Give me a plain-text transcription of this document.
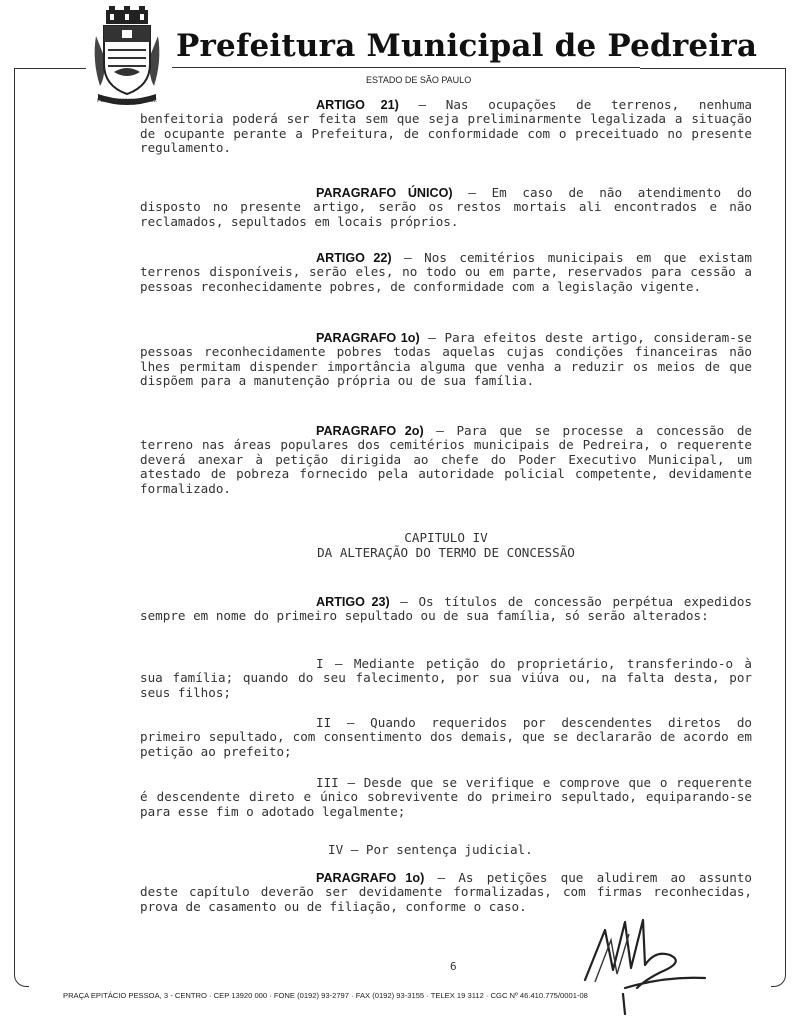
FLECTE NON FRANGE
Prefeitura Municipal de Pedreira
ESTADO DE SÃO PAULO

ARTIGO 21) – Nas ocupações de terrenos, nenhuma benfeitoria poderá ser feita sem que seja preliminarmente legalizada a situação de ocupante perante a Prefeitura, de conformidade com o preceituado no presente regulamento.

PARAGRAFO ÚNICO) – Em caso de não atendimento do disposto no presente artigo, serão os restos mortais ali encontrados e não reclamados, sepultados em locais próprios.

ARTIGO 22) – Nos cemitérios municipais em que existam terrenos disponíveis, serão eles, no todo ou em parte, reservados para cessão a pessoas reconhecidamente pobres, de conformidade com a legislação vigente.

PARAGRAFO 1o) – Para efeitos deste artigo, consideram-se pessoas reconhecidamente pobres todas aquelas cujas condições financeiras não lhes permitam dispender importância alguma que venha a reduzir os meios de que dispõem para a manutenção própria ou de sua família.

PARAGRAFO 2o) – Para que se processe a concessão de terreno nas áreas populares dos cemitérios municipais de Pedreira, o requerente deverá anexar à petição dirigida ao chefe do Poder Executivo Municipal, um atestado de pobreza fornecido pela autoridade policial competente, devidamente formalizado.

CAPITULO IV
DA ALTERAÇÃO DO TERMO DE CONCESSÃO

ARTIGO 23) – Os títulos de concessão perpétua expedidos sempre em nome do primeiro sepultado ou de sua família, só serão alterados:

I – Mediante petição do proprietário, transferindo-o à sua família; quando do seu falecimento, por sua viúva ou, na falta desta, por seus filhos;

II – Quando requeridos por descendentes diretos do primeiro sepultado, com consentimento dos demais, que se declararão de acordo em petição ao prefeito;

III – Desde que se verifique e comprove que o requerente é descendente direto e único sobrevivente do primeiro sepultado, equiparando-se para esse fim o adotado legalmente;

IV – Por sentença judicial.

PARAGRAFO 1o) – As petições que aludirem ao assunto deste capítulo deverão ser devidamente formalizadas, com firmas reconhecidas, prova de casamento ou de filiação, conforme o caso.

6
PRAÇA EPITÁCIO PESSOA, 3 - CENTRO · CEP 13920 000 · FONE (0192) 93-2797 · FAX (0192) 93-3155 · TELEX 19 3112 · CGC Nº 46.410.775/0001-08
